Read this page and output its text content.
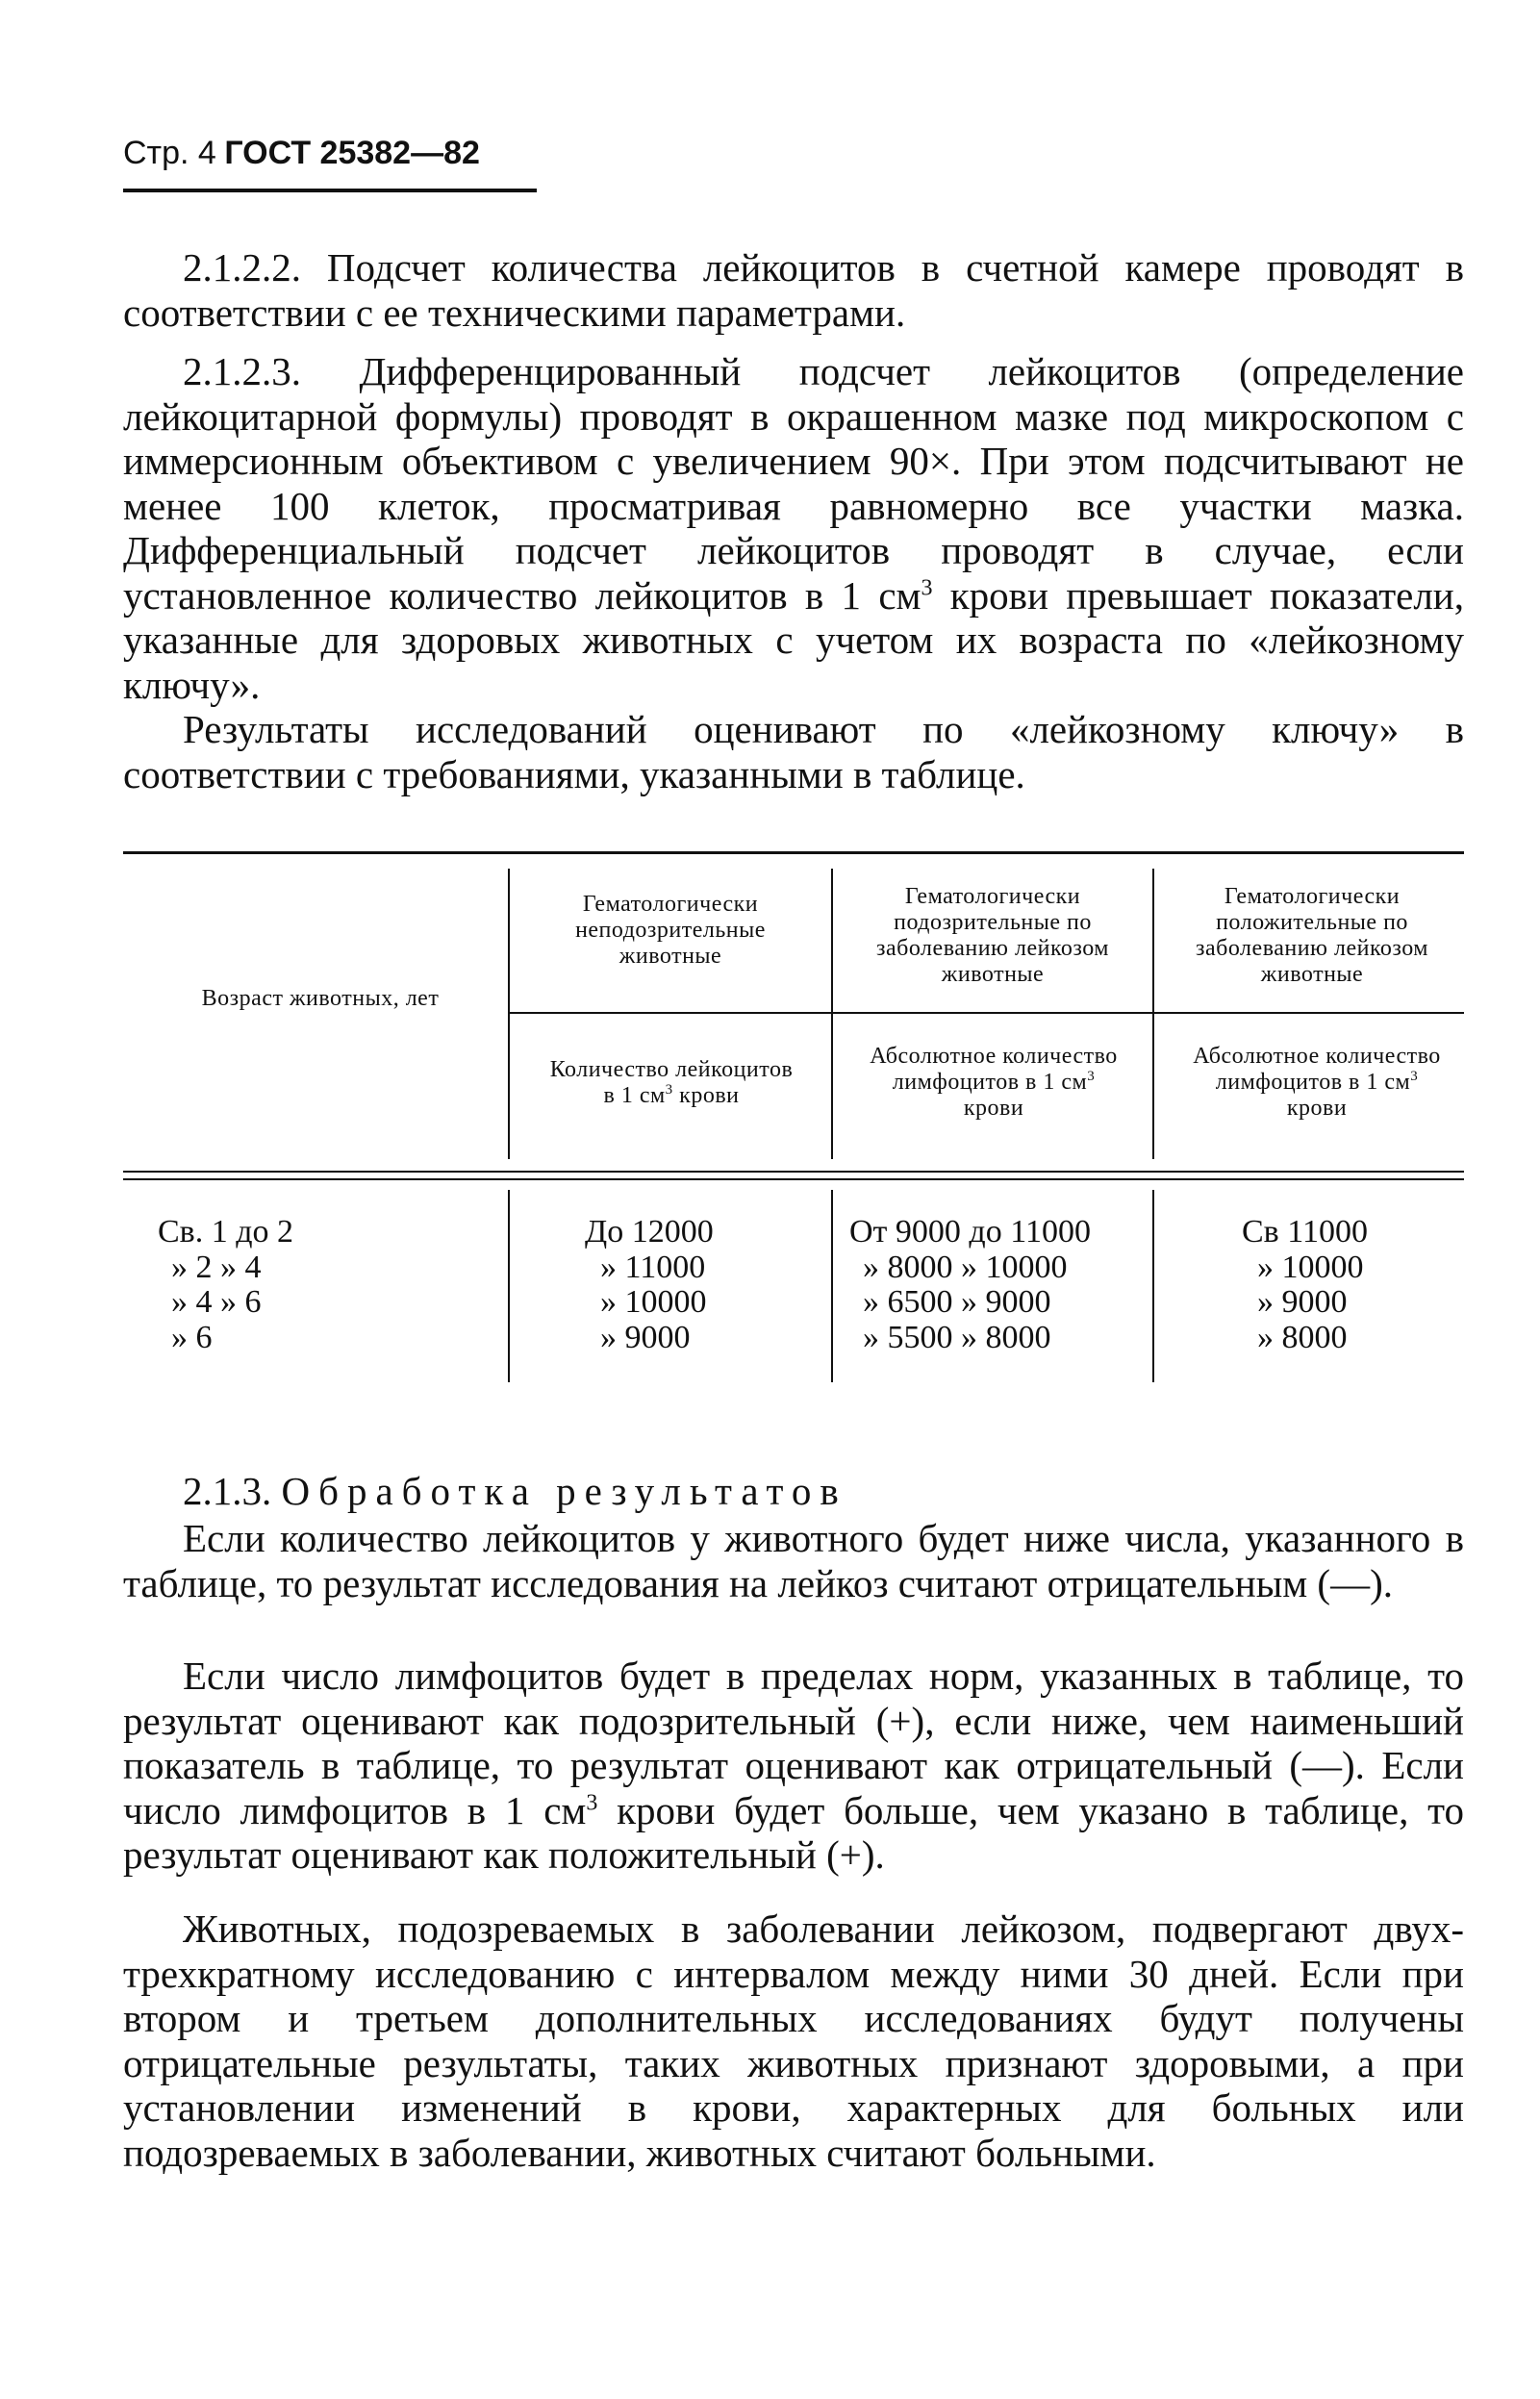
Стр. 4 ГОСТ 25382—82
2.1.2.2. Подсчет количества лейкоцитов в счетной камере проводят в соответствии с ее техническими параметрами.
2.1.2.3. Дифференцированный подсчет лейкоцитов (определение лейкоцитарной формулы) проводят в окрашенном мазке под микроскопом с иммерсионным объективом с увеличением 90×. При этом подсчитывают не менее 100 клеток, просматривая равномерно все участки мазка. Дифференциальный подсчет лейкоцитов проводят в случае, если установленное количество лейкоцитов в 1 $см^3$ крови превышает показатели, указанные для здоровых животных с учетом их возраста по «лейкозному ключу».
Результаты исследований оценивают по «лейкозному ключу» в соответствии с требованиями, указанными в таблице.
Возраст животных, лет
Гематологически неподозрительные животные
Гематологически подозрительные по заболеванию лейкозом животные
Гематологически положительные по заболеванию лейкозом животные
Количество лейкоцитов в 1 $см^3$ крови
Абсолютное количество лимфоцитов в 1 $см^3$ крови
Абсолютное количество лимфоцитов в 1 $см^3$ крови
Св. 1 до 2
» 2 » 4
» 4 » 6
» 6
До 12000
» 11000
» 10000
» 9000
От 9000 до 11000
» 8000 » 10000
» 6500 » 9000
» 5500 » 8000
Св 11000
» 10000
» 9000
» 8000
2.1.3. Обработка результатов
Если количество лейкоцитов у животного будет ниже числа, указанного в таблице, то результат исследования на лейкоз считают отрицательным (—).
Если число лимфоцитов будет в пределах норм, указанных в таблице, то результат оценивают как подозрительный (+), если ниже, чем наименьший показатель в таблице, то результат оценивают как отрицательный (—). Если число лимфоцитов в 1 $см^3$ крови будет больше, чем указано в таблице, то результат оценивают как положительный (+).
Животных, подозреваемых в заболевании лейкозом, подвергают двух-трехкратному исследованию с интервалом между ними 30 дней. Если при втором и третьем дополнительных исследованиях будут получены отрицательные результаты, таких животных признают здоровыми, а при установлении изменений в крови, характерных для больных или подозреваемых в заболевании, животных считают больными.
